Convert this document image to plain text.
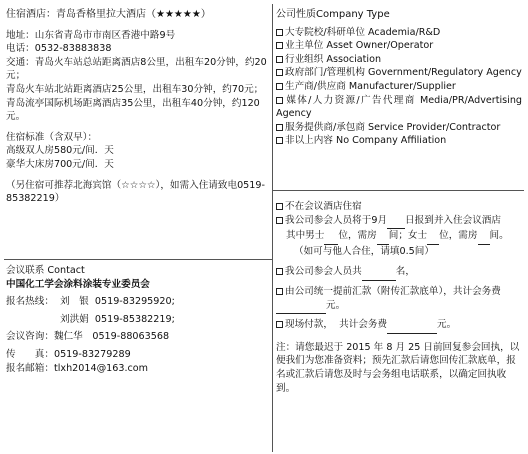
住宿酒店：青岛香格里拉大酒店（★★★★★）

地址：山东省青岛市市南区香港中路9号

电话：0532-83883838

交通：青岛火车站总站距离酒店8公里，出租车20分钟，约20元；

青岛火车站北站距离酒店25公里，出租车30分钟，约70元；

青岛流亭国际机场距离酒店35公里，出租车40分钟，约120元。

住宿标准（含双早）：

高级双人房580元/间．天

豪华大床房700元/间．天

（另住宿可推荐北海宾馆（☆☆☆☆），如需入住请致电0519-85382219）

会议联系 Contact

中国化工学会涂料涂装专业委员会

报名热线： 刘　银 0519-83295920;

刘洪娟 0519-85382219;

会议咨询：魏仁华　0519-88063568

传　　真：0519-83279289

报名邮箱：tlxh2014@163.com

公司性质Company Type

大专院校/科研单位 Academia/R&D

业主单位 Asset Owner/Operator

行业组织 Association

政府部门/管理机构 Government/Regulatory Agency

生产商/供应商 Manufacturer/Supplier

媒体/人力资源/广告代理商 Media/PR/Advertising Agency

服务提供商/承包商 Service Provider/Contractor

非以上内容 No Company Affiliation

不在会议酒店住宿

我公司参会人员将于9月 日报到并入住会议酒店

其中男士 位，需房 间；女士 位，需房 间。

（如可与他人合住，请填0.5间）

我公司参会人员共	名，

由公司统一提前汇款（附传汇款底单），共计会务费 元。

现场付款， 共计会务费	元。

注：请您最迟于 2015 年 8 月 25 日前回复参会回执，以便我们为您准备资料；预先汇款后请您回传汇款底单，报名或汇款后请您及时与会务组电话联系，以确定回执收到。
